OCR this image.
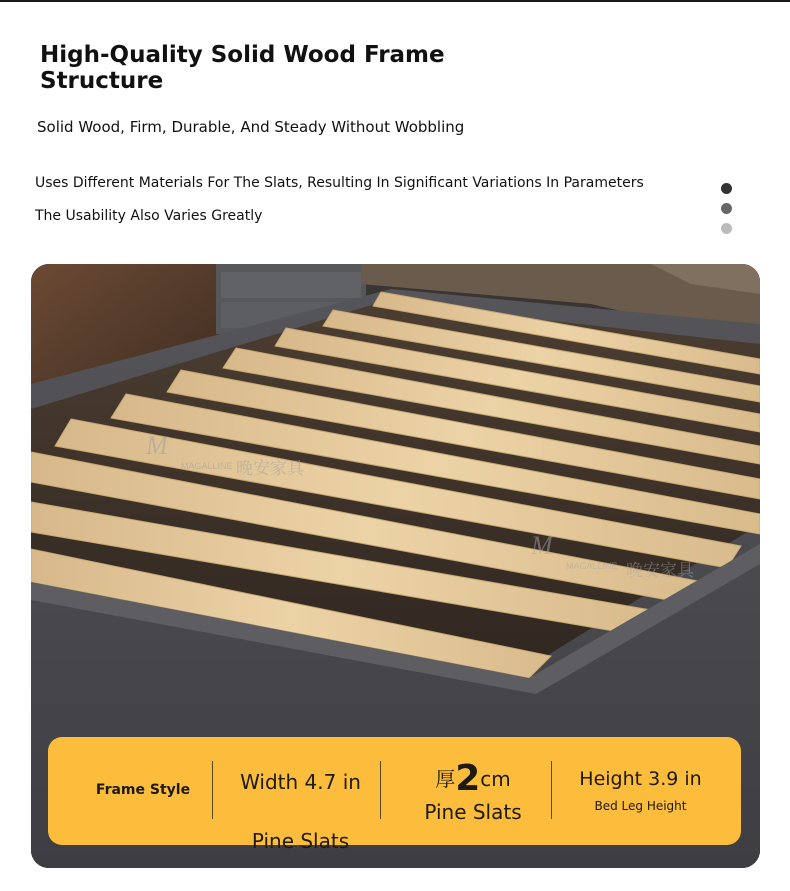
High-Quality Solid Wood Frame Structure
Solid Wood, Firm, Durable, And Steady Without Wobbling
Uses Different Materials For The Slats, Resulting In Significant Variations In Parameters
The Usability Also Varies Greatly
M
MAGALLINE 晚安家具
M
MAGALLINE 晚安家具
Frame Style	Width 4.7 in
Pine Slats
厚2cm
Pine Slats
Height 3.9 in
Bed Leg Height
